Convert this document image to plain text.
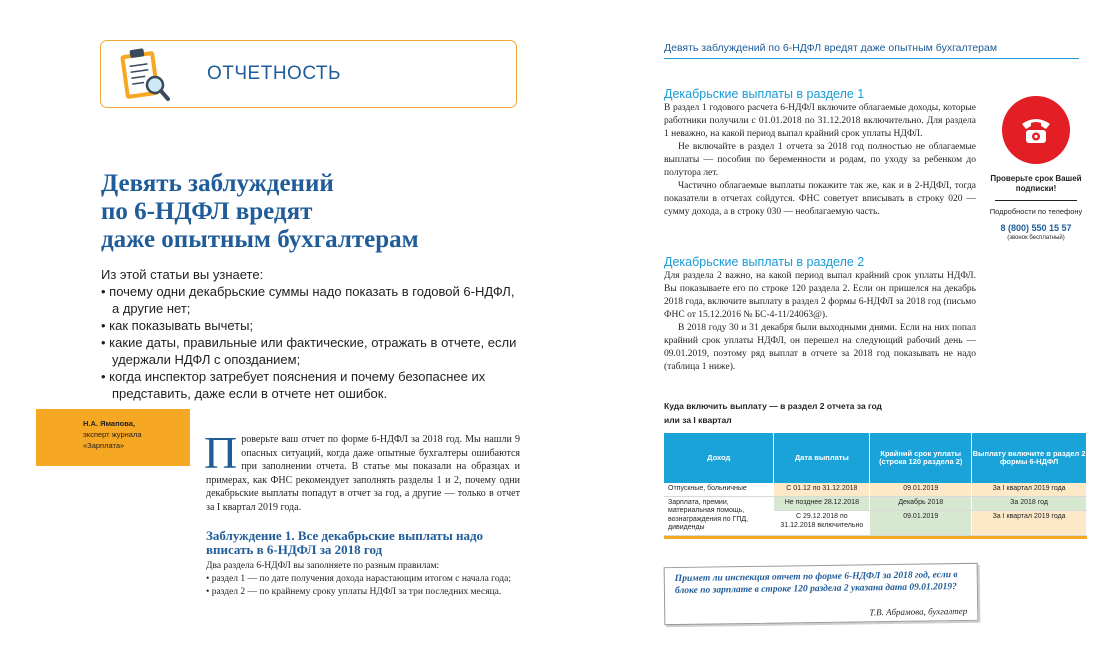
ОТЧЕТНОСТЬ
Девять заблуждений
по 6-НДФЛ вредят
даже опытным бухгалтерам
Из этой статьи вы узнаете:
• почему одни декабрьские суммы надо показать в годовой 6-НДФЛ, а другие нет;
• как показывать вычеты;
• какие даты, правильные или фактические, отражать в отчете, если удержали НДФЛ с опозданием;
• когда инспектор затребует пояснения и почему безопаснее их представить, даже если в отчете нет ошибок.
Н.А. Ямапова,
эксперт журнала
«Зарплата»	Проверьте ваш отчет по форме 6-НДФЛ за 2018 год. Мы нашли 9 опасных ситуаций, когда даже опытные бухгалтеры ошибаются при заполнении отчета. В статье мы показали на образцах и примерах, как ФНС рекомендует заполнять разделы 1 и 2, почему одни декабрьские выплаты попадут в отчет за год, а другие — только в отчет за I квартал 2019 года.
Заблуждение 1. Все декабрьские выплаты надо вписать в 6-НДФЛ за 2018 год
Два раздела 6-НДФЛ вы заполняете по разным правилам:
• раздел 1 — по дате получения дохода нарастающим итогом с начала года;
• раздел 2 — по крайнему сроку уплаты НДФЛ за три последних месяца.
Девять заблуждений по 6-НДФЛ вредят даже опытным бухгалтерам
Декабрьские выплаты в разделе 1

В раздел 1 годового расчета 6-НДФЛ включите облагаемые доходы, которые работники получили с 01.01.2018 по 31.12.2018 включительно. Для раздела 1 неважно, на какой период выпал крайний срок уплаты НДФЛ.

Не включайте в раздел 1 отчета за 2018 год полностью не облагаемые выплаты — пособия по беременности и родам, по уходу за ребенком до полутора лет.

Частично облагаемые выплаты покажите так же, как и в 2-НДФЛ, тогда показатели в отчетах сойдутся. ФНС советует вписывать в строку 020 — сумму дохода, а в строку 030 — необлагаемую часть.

Декабрьские выплаты в разделе 2

Для раздела 2 важно, на какой период выпал крайний срок уплаты НДФЛ. Вы показываете его по строке 120 раздела 2. Если он пришелся на декабрь 2018 года, включите выплату в раздел 2 формы 6-НДФЛ за 2018 год (письмо ФНС от 15.12.2016 № БС-4-11/24063@).

В 2018 году 30 и 31 декабря были выходными днями. Если на них попал крайний срок уплаты НДФЛ, он перешел на следующий рабочий день — 09.01.2019, поэтому ряд выплат в отчете за 2018 год показывать не надо (таблица 1 ниже).

Проверьте срок Вашей подписки!
Подробности по телефону
8 (800) 550 15 57
(звонок бесплатный)
Куда включить выплату — в раздел 2 отчета за год или за I квартал
Доход	Дата выплаты	Крайний срок уплаты (строка 120 раздела 2)	Выплату включите в раздел 2 формы 6-НДФЛ
Отпускные, больничные	С 01.12 по 31.12.2018	09.01.2019	За I квартал 2019 года
Зарплата, премии, материальная помощь, вознаграждения по ГПД, дивиденды	Не позднее 28.12.2018	Декабрь 2018	За 2018 год
	С 29.12.2018 по 31.12.2018 включительно	09.01.2019	За I квартал 2019 года
Примет ли инспекция отчет по форме 6-НДФЛ за 2018 год, если в блоке по зарплате в строке 120 раздела 2 указана дата 09.01.2019?
Т.В. Абрамова, бухгалтер
